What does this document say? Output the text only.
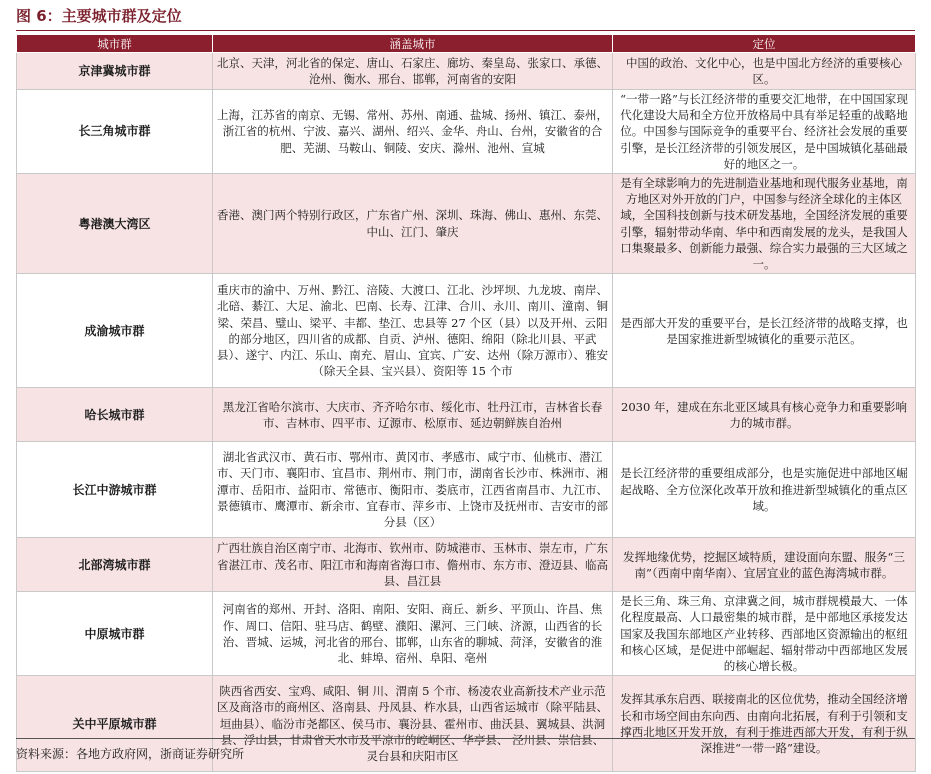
图 6：主要城市群及定位
城市群	涵盖城市	定位
京津冀城市群	北京、天津，河北省的保定、唐山、石家庄、廊坊、秦皇岛、张家口、承德、沧州、衡水、邢台、邯郸，河南省的安阳	中国的政治、文化中心，也是中国北方经济的重要核心区。
长三角城市群	上海，江苏省的南京、无锡、常州、苏州、南通、盐城、扬州、镇江、泰州，浙江省的杭州、宁波、嘉兴、湖州、绍兴、金华、舟山、台州，安徽省的合肥、芜湖、马鞍山、铜陵、安庆、滁州、池州、宣城	“一带一路”与长江经济带的重要交汇地带，在中国国家现代化建设大局和全方位开放格局中具有举足轻重的战略地位。中国参与国际竞争的重要平台、经济社会发展的重要引擎，是长江经济带的引领发展区，是中国城镇化基础最好的地区之一。
粤港澳大湾区	香港、澳门两个特别行政区，广东省广州、深圳、珠海、佛山、惠州、东莞、中山、江门、肇庆	是有全球影响力的先进制造业基地和现代服务业基地，南方地区对外开放的门户，中国参与经济全球化的主体区域，全国科技创新与技术研发基地，全国经济发展的重要引擎，辐射带动华南、华中和西南发展的龙头，是我国人口集聚最多、创新能力最强、综合实力最强的三大区域之一。
成渝城市群	重庆市的渝中、万州、黔江、涪陵、大渡口、江北、沙坪坝、九龙坡、南岸、北碚、綦江、大足、渝北、巴南、长寿、江津、合川、永川、南川、潼南、铜梁、荣昌、璧山、梁平、丰都、垫江、忠县等 27 个区（县）以及开州、云阳的部分地区，四川省的成都、自贡、泸州、德阳、绵阳（除北川县、平武县）、遂宁、内江、乐山、南充、眉山、宜宾、广安、达州（除万源市）、雅安（除天全县、宝兴县）、资阳等 15 个市	是西部大开发的重要平台，是长江经济带的战略支撑，也是国家推进新型城镇化的重要示范区。
哈长城市群	黑龙江省哈尔滨市、大庆市、齐齐哈尔市、绥化市、牡丹江市，吉林省长春市、吉林市、四平市、辽源市、松原市、延边朝鲜族自治州	2030 年，建成在东北亚区域具有核心竞争力和重要影响力的城市群。
长江中游城市群	湖北省武汉市、黄石市、鄂州市、黄冈市、孝感市、咸宁市、仙桃市、潜江市、天门市、襄阳市、宜昌市、荆州市、荆门市，湖南省长沙市、株洲市、湘潭市、岳阳市、益阳市、常德市、衡阳市、娄底市，江西省南昌市、九江市、景德镇市、鹰潭市、新余市、宜春市、萍乡市、上饶市及抚州市、吉安市的部分县（区）	是长江经济带的重要组成部分，也是实施促进中部地区崛起战略、全方位深化改革开放和推进新型城镇化的重点区域。
北部湾城市群	广西壮族自治区南宁市、北海市、钦州市、防城港市、玉林市、崇左市，广东省湛江市、茂名市、阳江市和海南省海口市、儋州市、东方市、澄迈县、临高县、昌江县	发挥地缘优势，挖掘区域特质，建设面向东盟、服务“三南”（西南中南华南）、宜居宜业的蓝色海湾城市群。
中原城市群	河南省的郑州、开封、洛阳、南阳、安阳、商丘、新乡、平顶山、许昌、焦作、周口、信阳、驻马店、鹤壁、濮阳、漯河、三门峡、济源，山西省的长治、晋城、运城，河北省的邢台、邯郸，山东省的聊城、菏泽，安徽省的淮北、蚌埠、宿州、阜阳、亳州	是长三角、珠三角、京津冀之间，城市群规模最大、一体化程度最高、人口最密集的城市群，是中部地区承接发达国家及我国东部地区产业转移、西部地区资源输出的枢纽和核心区域，是促进中部崛起、辐射带动中西部地区发展的核心增长极。
关中平原城市群	陕西省西安、宝鸡、咸阳、铜 川、渭南 5 个市、杨凌农业高新技术产业示范区及商洛市的商州区、洛南县、丹凤县、柞水县，山西省运城市（除平陆县、垣曲县）、临汾市尧都区、侯马市、襄汾县、霍州市、曲沃县、翼城县、洪洞县、浮山县，甘肃省天水市及平凉市的崆峒区、华亭县、 泾川县、崇信县、灵台县和庆阳市区	发挥其承东启西、联接南北的区位优势，推动全国经济增长和市场空间由东向西、由南向北拓展，有利于引领和支撑西北地区开发开放，有利于推进西部大开发，有利于纵深推进“一带一路”建设。
资料来源：各地方政府网，浙商证券研究所
